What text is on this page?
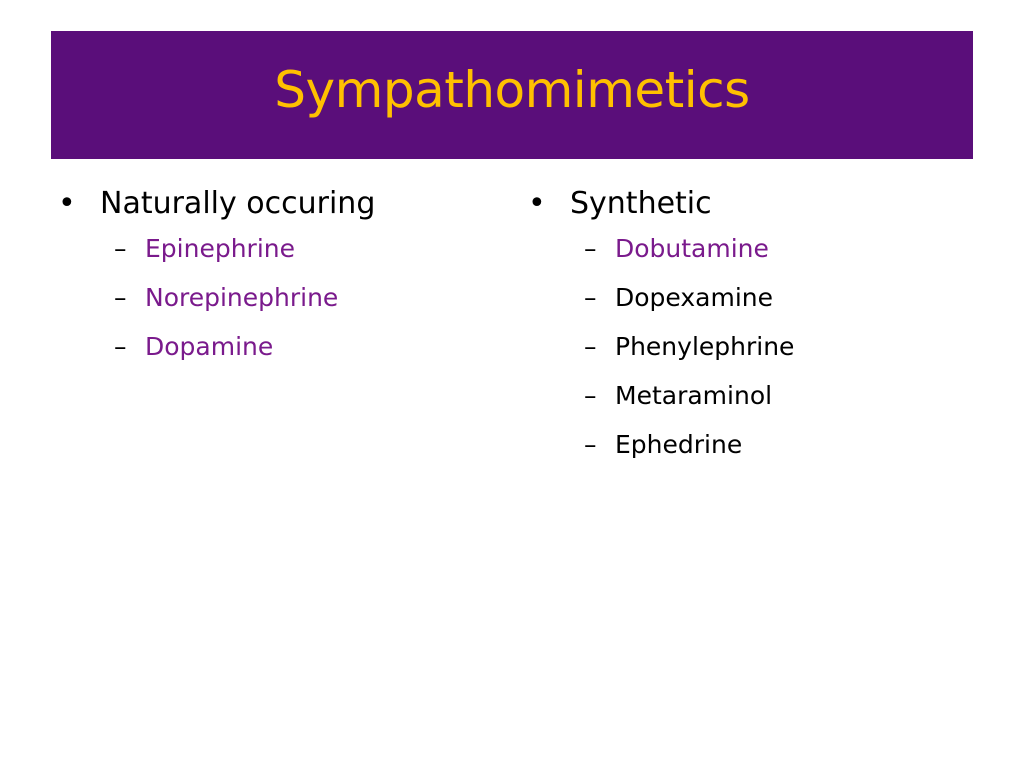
Sympathomimetics
• Naturally occuring
– Epinephrine
– Norepinephrine
– Dopamine
• Synthetic
– Dobutamine
– Dopexamine
– Phenylephrine
– Metaraminol
– Ephedrine
